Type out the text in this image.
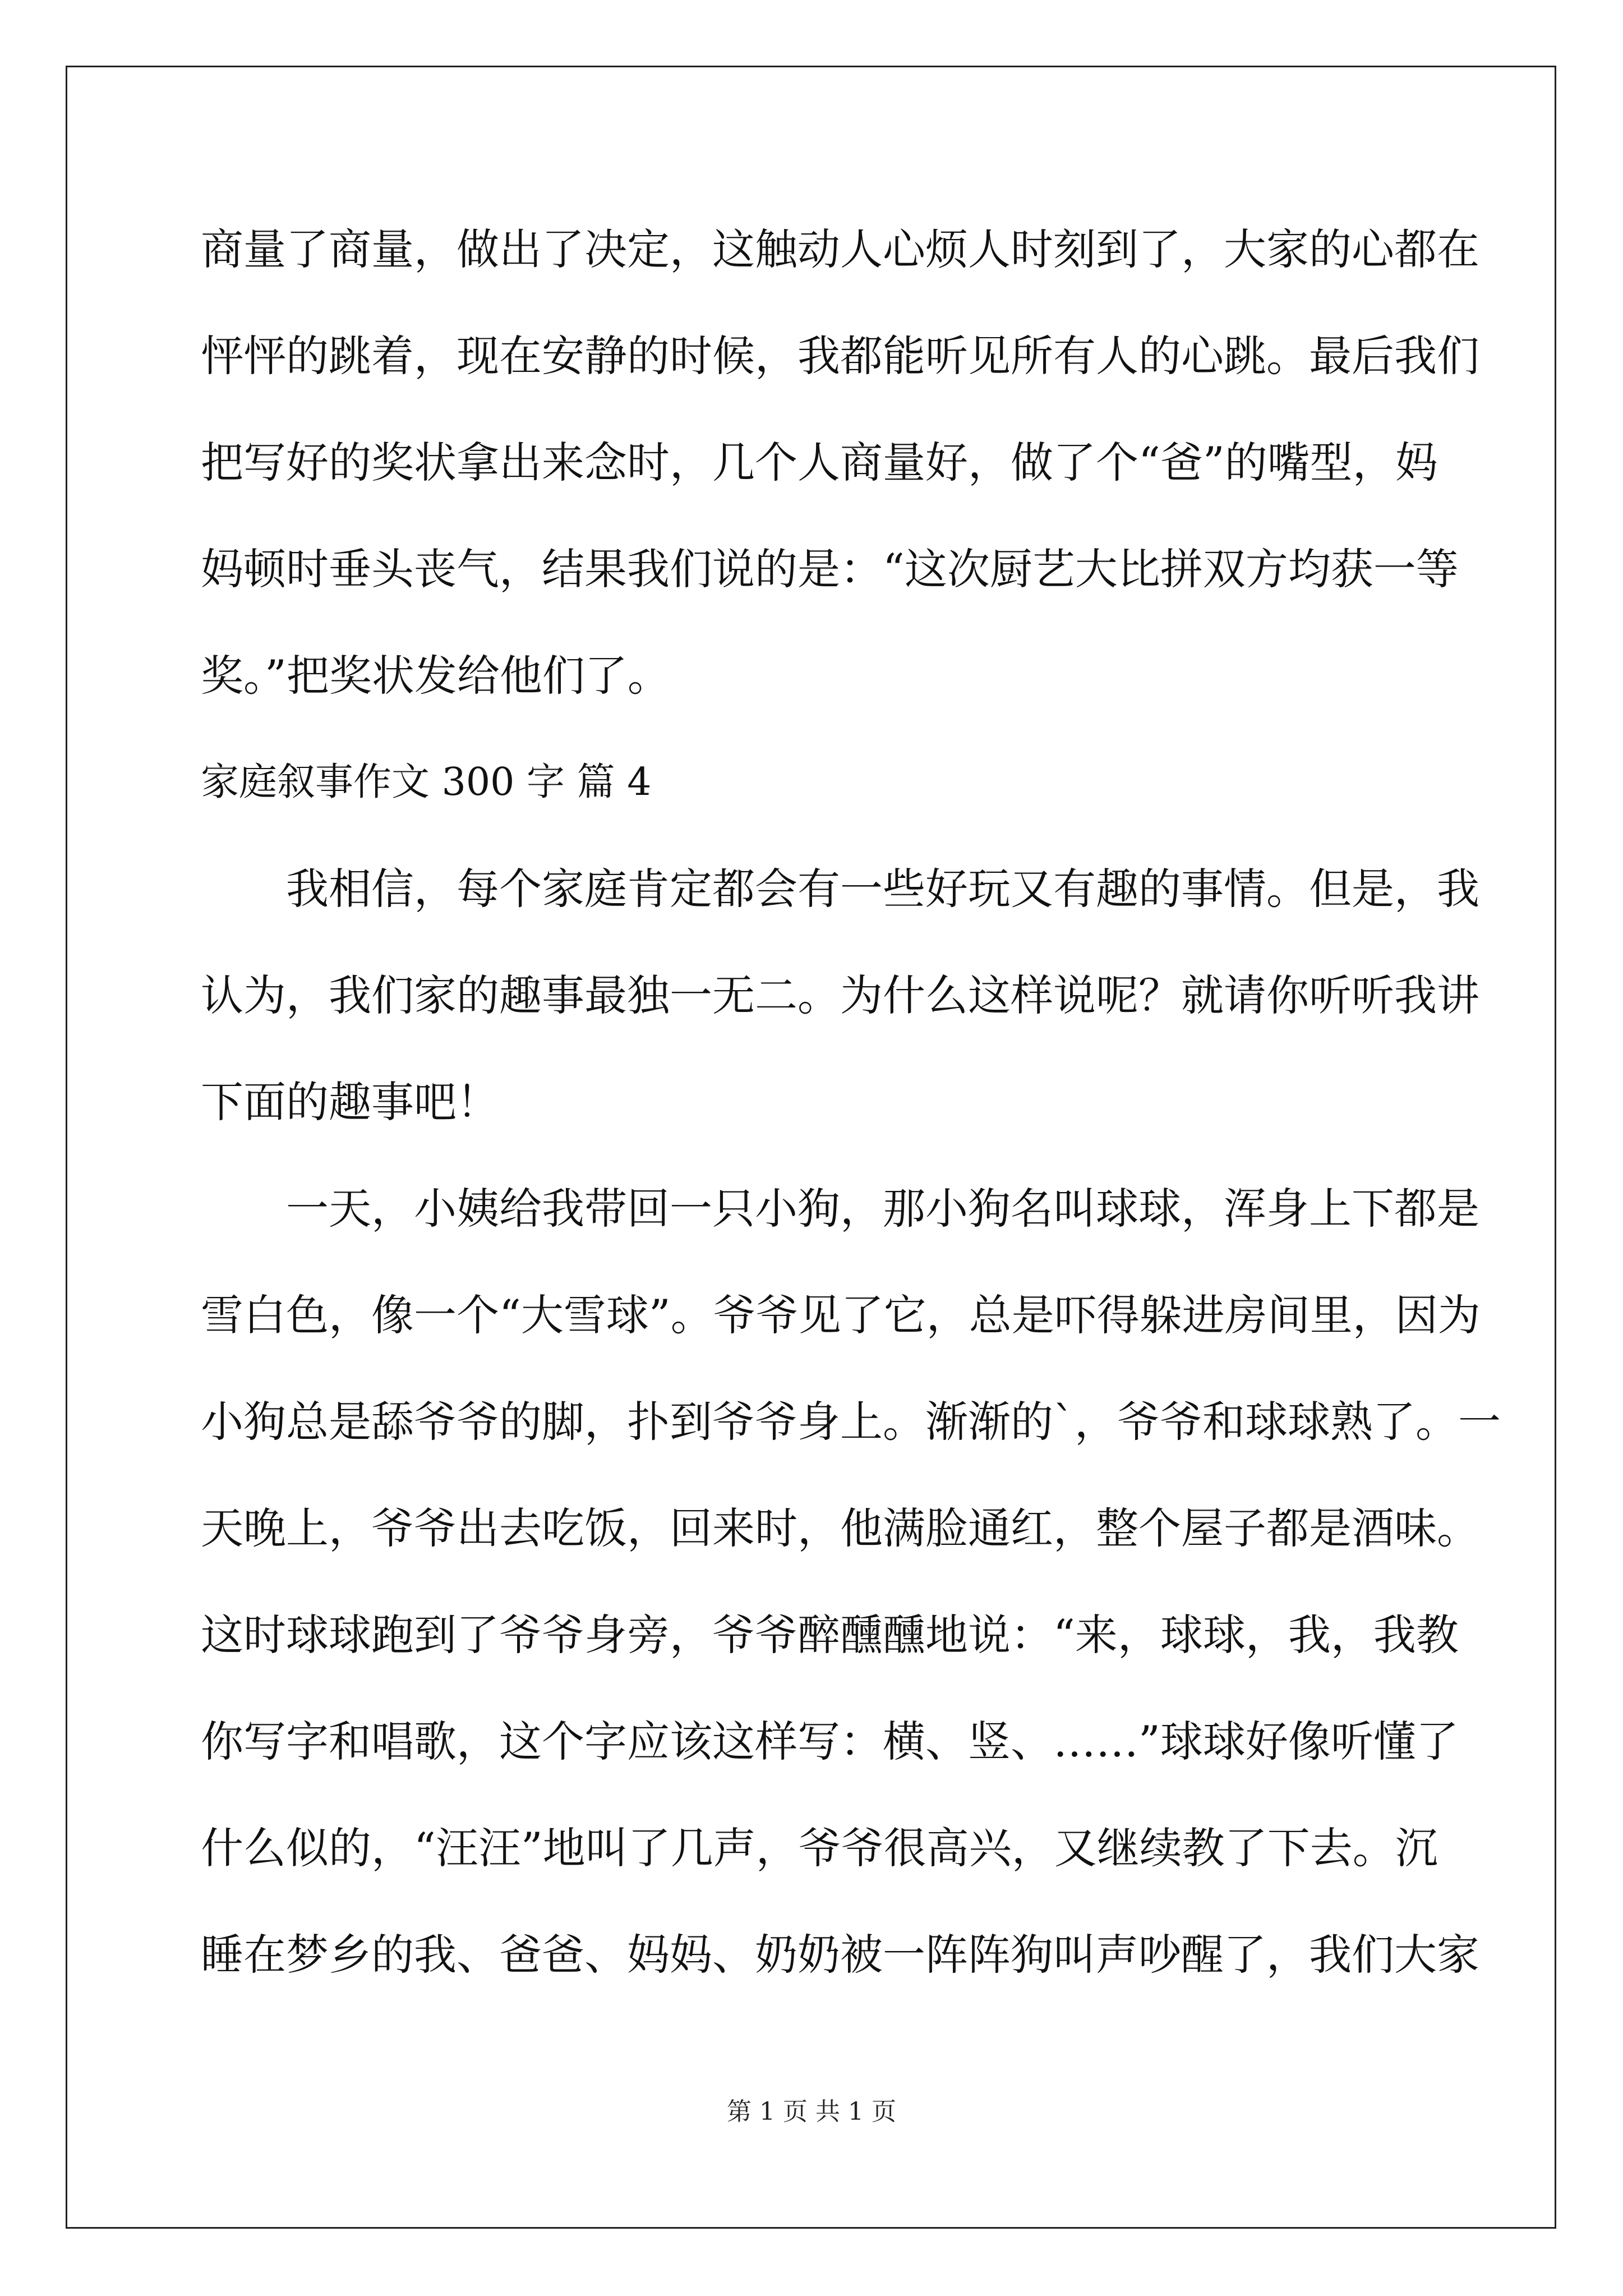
商量了商量，做出了决定，这触动人心烦人时刻到了，大家的心都在
怦怦的跳着，现在安静的时候，我都能听见所有人的心跳。最后我们
把写好的奖状拿出来念时，几个人商量好，做了个“爸”的嘴型，妈
妈顿时垂头丧气，结果我们说的是：“这次厨艺大比拼双方均获一等
奖。”把奖状发给他们了。
家庭叙事作文 300 字 篇 4
　　我相信，每个家庭肯定都会有一些好玩又有趣的事情。但是，我
认为，我们家的趣事最独一无二。为什么这样说呢？就请你听听我讲
下面的趣事吧！
　　一天，小姨给我带回一只小狗，那小狗名叫球球，浑身上下都是
雪白色，像一个“大雪球”。爷爷见了它，总是吓得躲进房间里，因为
小狗总是舔爷爷的脚，扑到爷爷身上。渐渐的`，爷爷和球球熟了。一
天晚上，爷爷出去吃饭，回来时，他满脸通红，整个屋子都是酒味。
这时球球跑到了爷爷身旁，爷爷醉醺醺地说：“来，球球，我，我教
你写字和唱歌，这个字应该这样写：横、竖、……”球球好像听懂了
什么似的，“汪汪”地叫了几声，爷爷很高兴，又继续教了下去。沉
睡在梦乡的我、爸爸、妈妈、奶奶被一阵阵狗叫声吵醒了，我们大家
第 1 页 共 1 页
